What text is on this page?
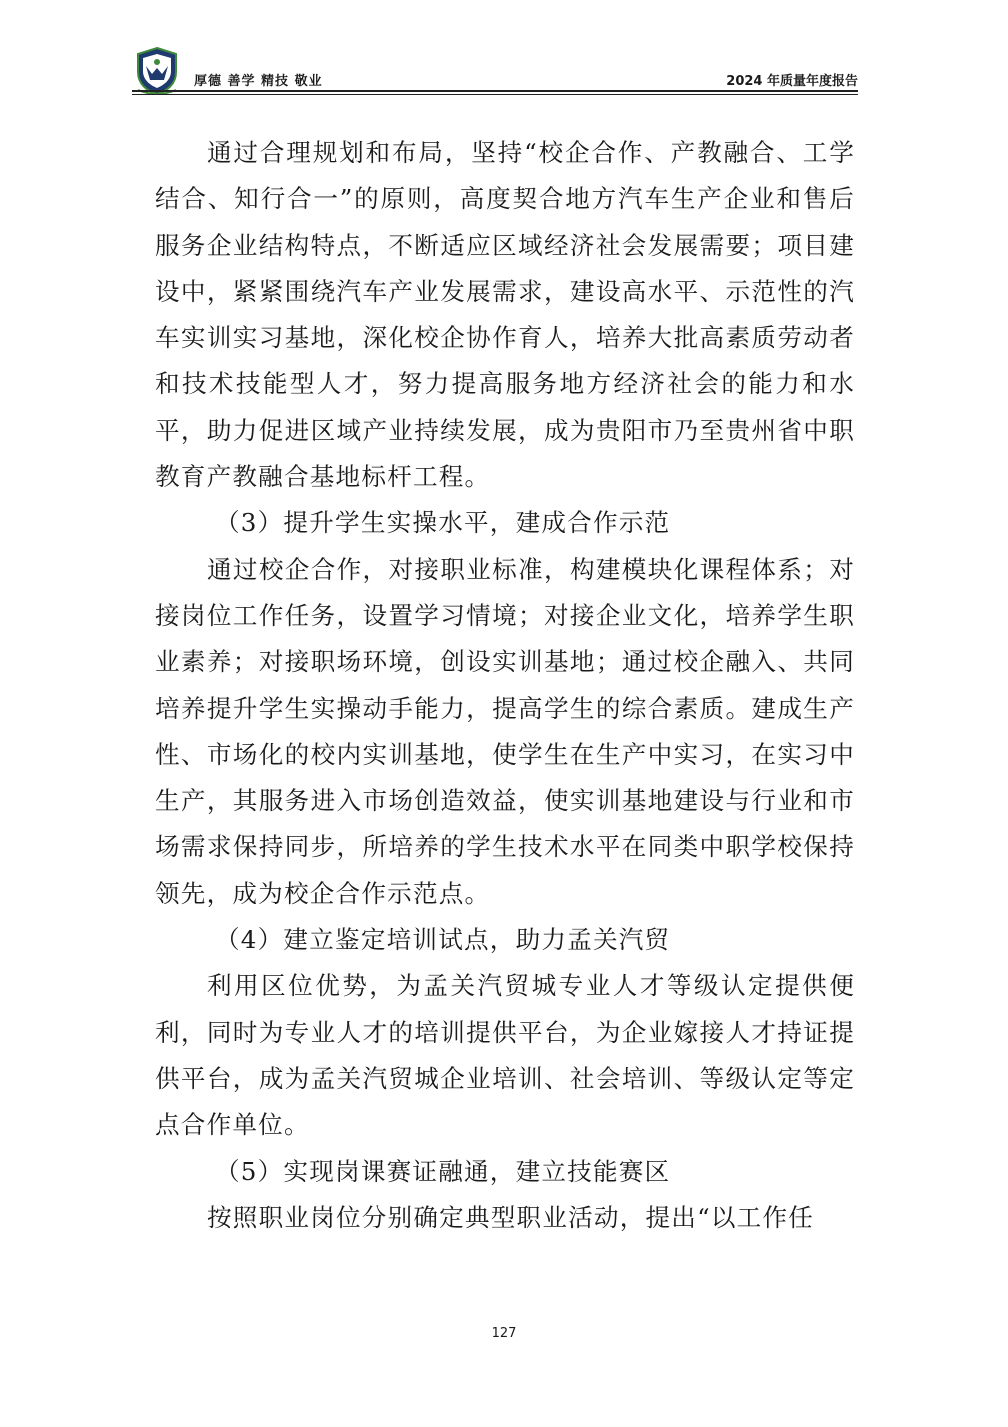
厚德 善学 精技 敬业	2024 年质量年度报告

通过合理规划和布局，坚持“校企合作、产教融合、工学结合、知行合一”的原则，高度契合地方汽车生产企业和售后服务企业结构特点，不断适应区域经济社会发展需要；项目建设中，紧紧围绕汽车产业发展需求，建设高水平、示范性的汽车实训实习基地，深化校企协作育人，培养大批高素质劳动者和技术技能型人才，努力提高服务地方经济社会的能力和水平，助力促进区域产业持续发展，成为贵阳市乃至贵州省中职教育产教融合基地标杆工程。

（3）提升学生实操水平，建成合作示范

通过校企合作，对接职业标准，构建模块化课程体系；对接岗位工作任务，设置学习情境；对接企业文化，培养学生职业素养；对接职场环境，创设实训基地；通过校企融入、共同培养提升学生实操动手能力，提高学生的综合素质。建成生产性、市场化的校内实训基地，使学生在生产中实习，在实习中生产，其服务进入市场创造效益，使实训基地建设与行业和市场需求保持同步，所培养的学生技术水平在同类中职学校保持领先，成为校企合作示范点。

（4）建立鉴定培训试点，助力孟关汽贸

利用区位优势，为孟关汽贸城专业人才等级认定提供便利，同时为专业人才的培训提供平台，为企业嫁接人才持证提供平台，成为孟关汽贸城企业培训、社会培训、等级认定等定点合作单位。

（5）实现岗课赛证融通，建立技能赛区

按照职业岗位分别确定典型职业活动，提出“以工作任

127
